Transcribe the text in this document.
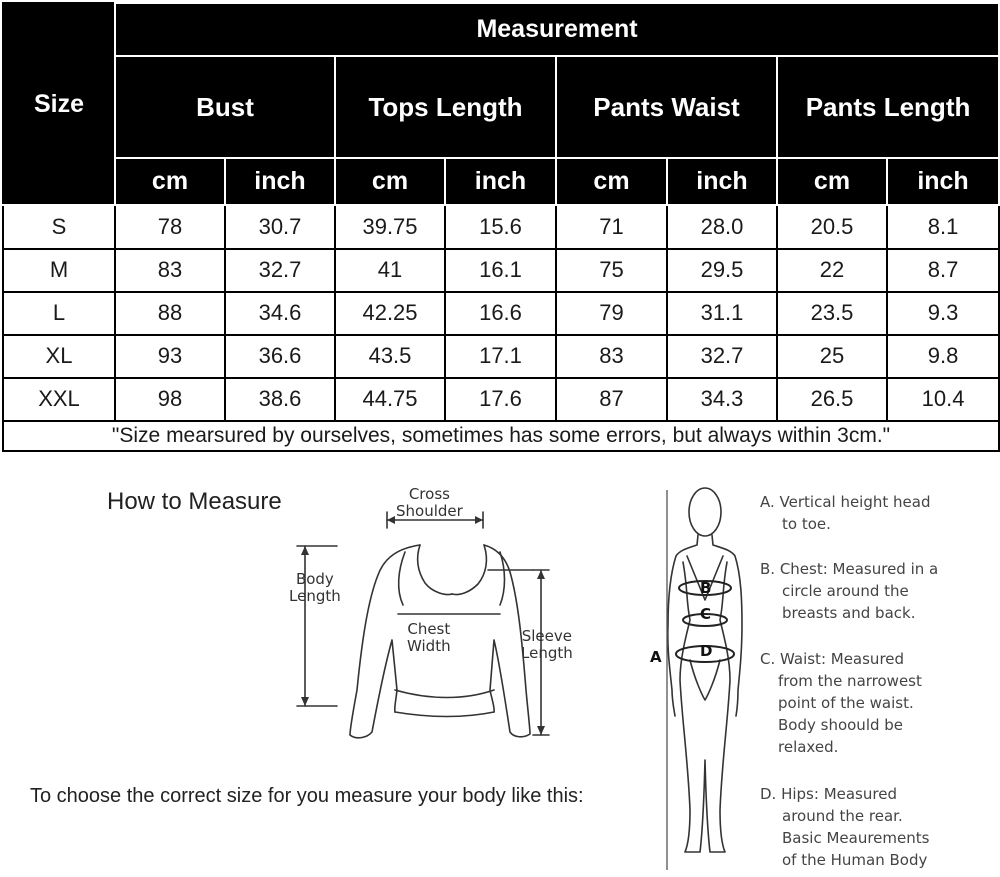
Size	Measurement							
	Bust		Tops Length		Pants Waist		Pants Length	
	cm	inch	cm	inch	cm	inch	cm	inch
S	78	30.7	39.75	15.6	71	28.0	20.5	8.1
M	83	32.7	41	16.1	75	29.5	22	8.7
L	88	34.6	42.25	16.6	79	31.1	23.5	9.3
XL	93	36.6	43.5	17.1	83	32.7	25	9.8
XXL	98	38.6	44.75	17.6	87	34.3	26.5	10.4
"Size mearsured by ourselves, sometimes has some errors, but always within 3cm."								
How to Measure	Cross
Shoulder
Body
Length
Chest
Width
Sleeve
Length	A
B
C
D
A. Vertical height head
to toe.
B. Chest: Measured in a
circle around the
breasts and back.
C. Waist: Measured
from the narrowest
point of the waist.
Body shoould be
relaxed.
D. Hips: Measured
around the rear.
Basic Meaurements
of the Human Body
To choose the correct size for you measure your body like this:
